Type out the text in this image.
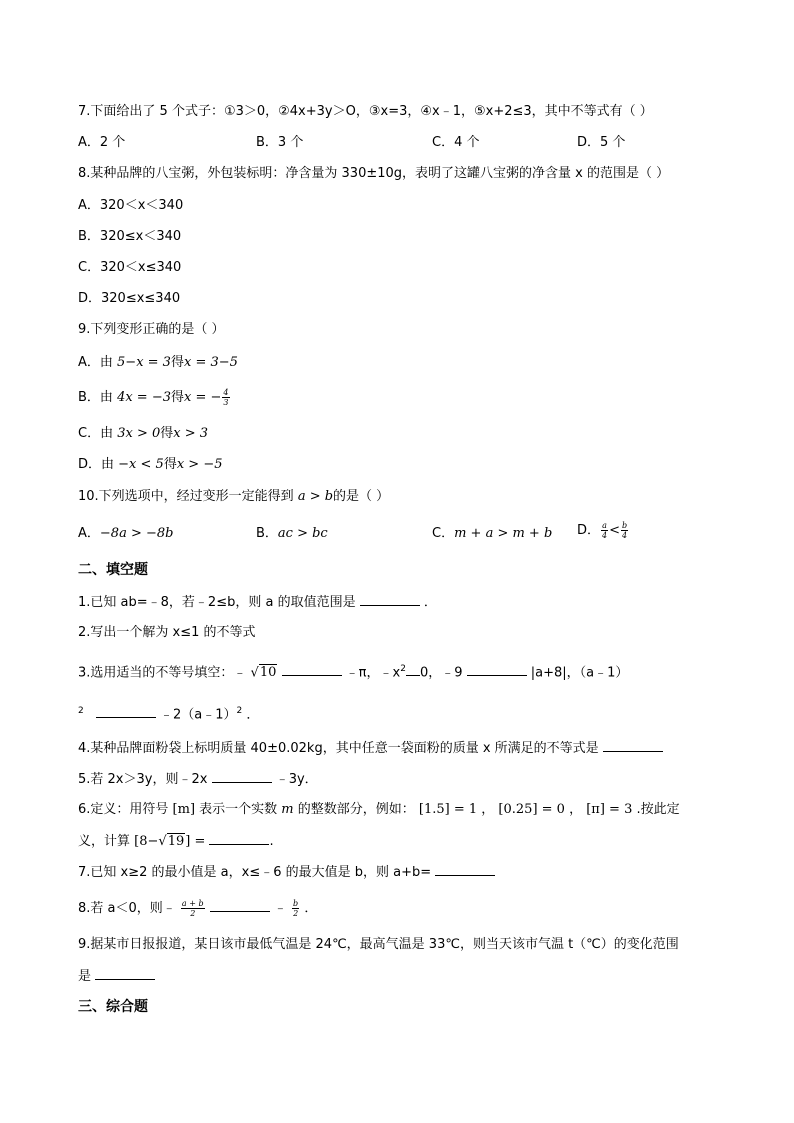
7.下面给出了 5 个式子：①3＞0，②4x+3y＞O，③x=3，④x﹣1，⑤x+2≤3，其中不等式有（ ）
A．2 个	B．3 个	C．4 个	D．5 个
8.某种品牌的八宝粥，外包装标明：净含量为 330±10g，表明了这罐八宝粥的净含量 x 的范围是（ ）
A．320＜x＜340
B．320≤x＜340
C．320＜x≤340
D．320≤x≤340
9.下列变形正确的是（ ）
A．由 5−x = 3得x = 3−5
B．由 4x = −3得x = − $\frac{4}{3}$
C．由 3x > 0得x > 3
D．由 −x < 5得x > −5
10.下列选项中，经过变形一定能得到 a > b的是（ ）
A．−8a > −8b	B．ac > bc	C．m + a > m + b D． $\frac{a}{4} < \frac{b}{4}$
二、填空题
1.已知 ab=﹣8，若﹣2≤b，则 a 的取值范围是	．
2.写出一个解为 x≤1 的不等式
3.选用适当的不等号填空：﹣ √10	﹣π，$﹣x^2$ 0，﹣9	|a+8|，（a﹣1）
$^2$	﹣2（a﹣1）$^2$ ．
4.某种品牌面粉袋上标明质量 40±0.02kg，其中任意一袋面粉的质量 x 所满足的不等式是
5.若 2x＞3y，则﹣2x	﹣3y．
6.定义：用符号 [m] 表示一个实数 m 的整数部分，例如： [1.5] = 1 ， [0.25] = 0 ， [π] = 3 .按此定
义，计算 [8−√19] =	.
7.已知 x≥2 的最小值是 a，x≤﹣6 的最大值是 b，则 a+b=
8.若 a＜0，则﹣ $\frac{a + b}{2}$	﹣ $\frac{b}{2}$ ．
9.据某市日报报道，某日该市最低气温是 24℃，最高气温是 33℃，则当天该市气温 t（℃）的变化范围
是
三、综合题
